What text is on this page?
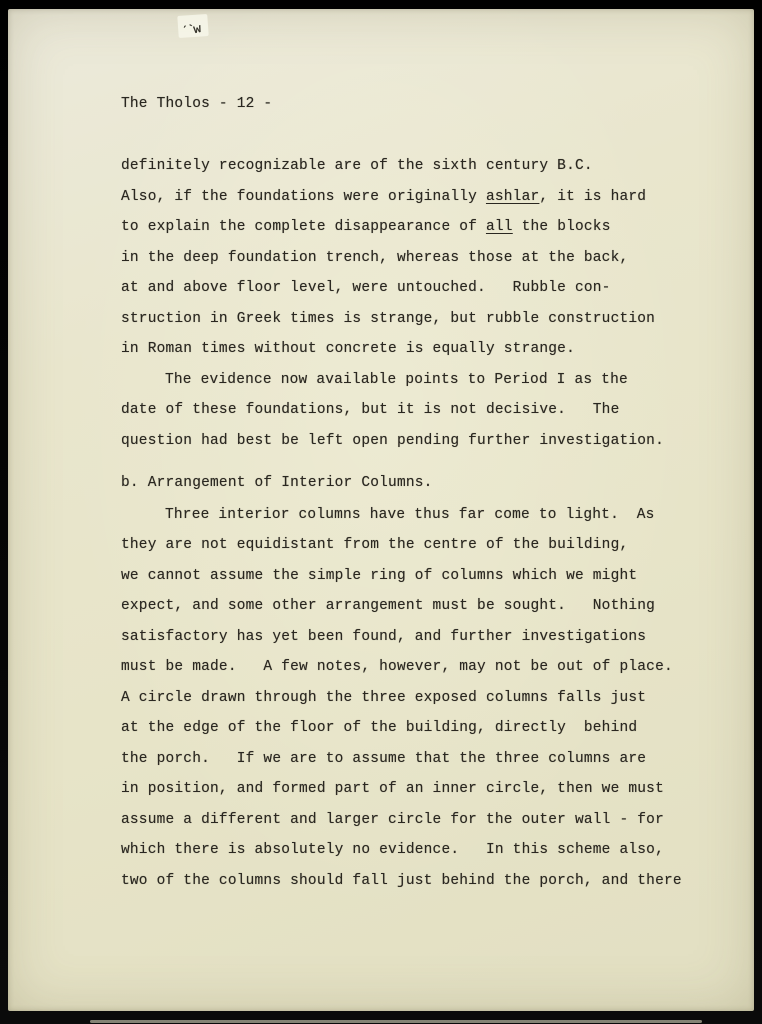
ˊˋw
The Tholos - 12 -
definitely recognizable are of the sixth century B.C.
Also, if the foundations were originally ashlar, it is hard
to explain the complete disappearance of all the blocks
in the deep foundation trench, whereas those at the back,
at and above floor level, were untouched.   Rubble con-
struction in Greek times is strange, but rubble construction
in Roman times without concrete is equally strange.
The evidence now available points to Period I as the
date of these foundations, but it is not decisive.   The
question had best be left open pending further investigation.
b. Arrangement of Interior Columns.
Three interior columns have thus far come to light.  As
they are not equidistant from the centre of the building,
we cannot assume the simple ring of columns which we might
expect, and some other arrangement must be sought.   Nothing
satisfactory has yet been found, and further investigations
must be made.   A few notes, however, may not be out of place.
A circle drawn through the three exposed columns falls just
at the edge of the floor of the building, directly  behind
the porch.   If we are to assume that the three columns are
in position, and formed part of an inner circle, then we must
assume a different and larger circle for the outer wall - for
which there is absolutely no evidence.   In this scheme also,
two of the columns should fall just behind the porch, and there
